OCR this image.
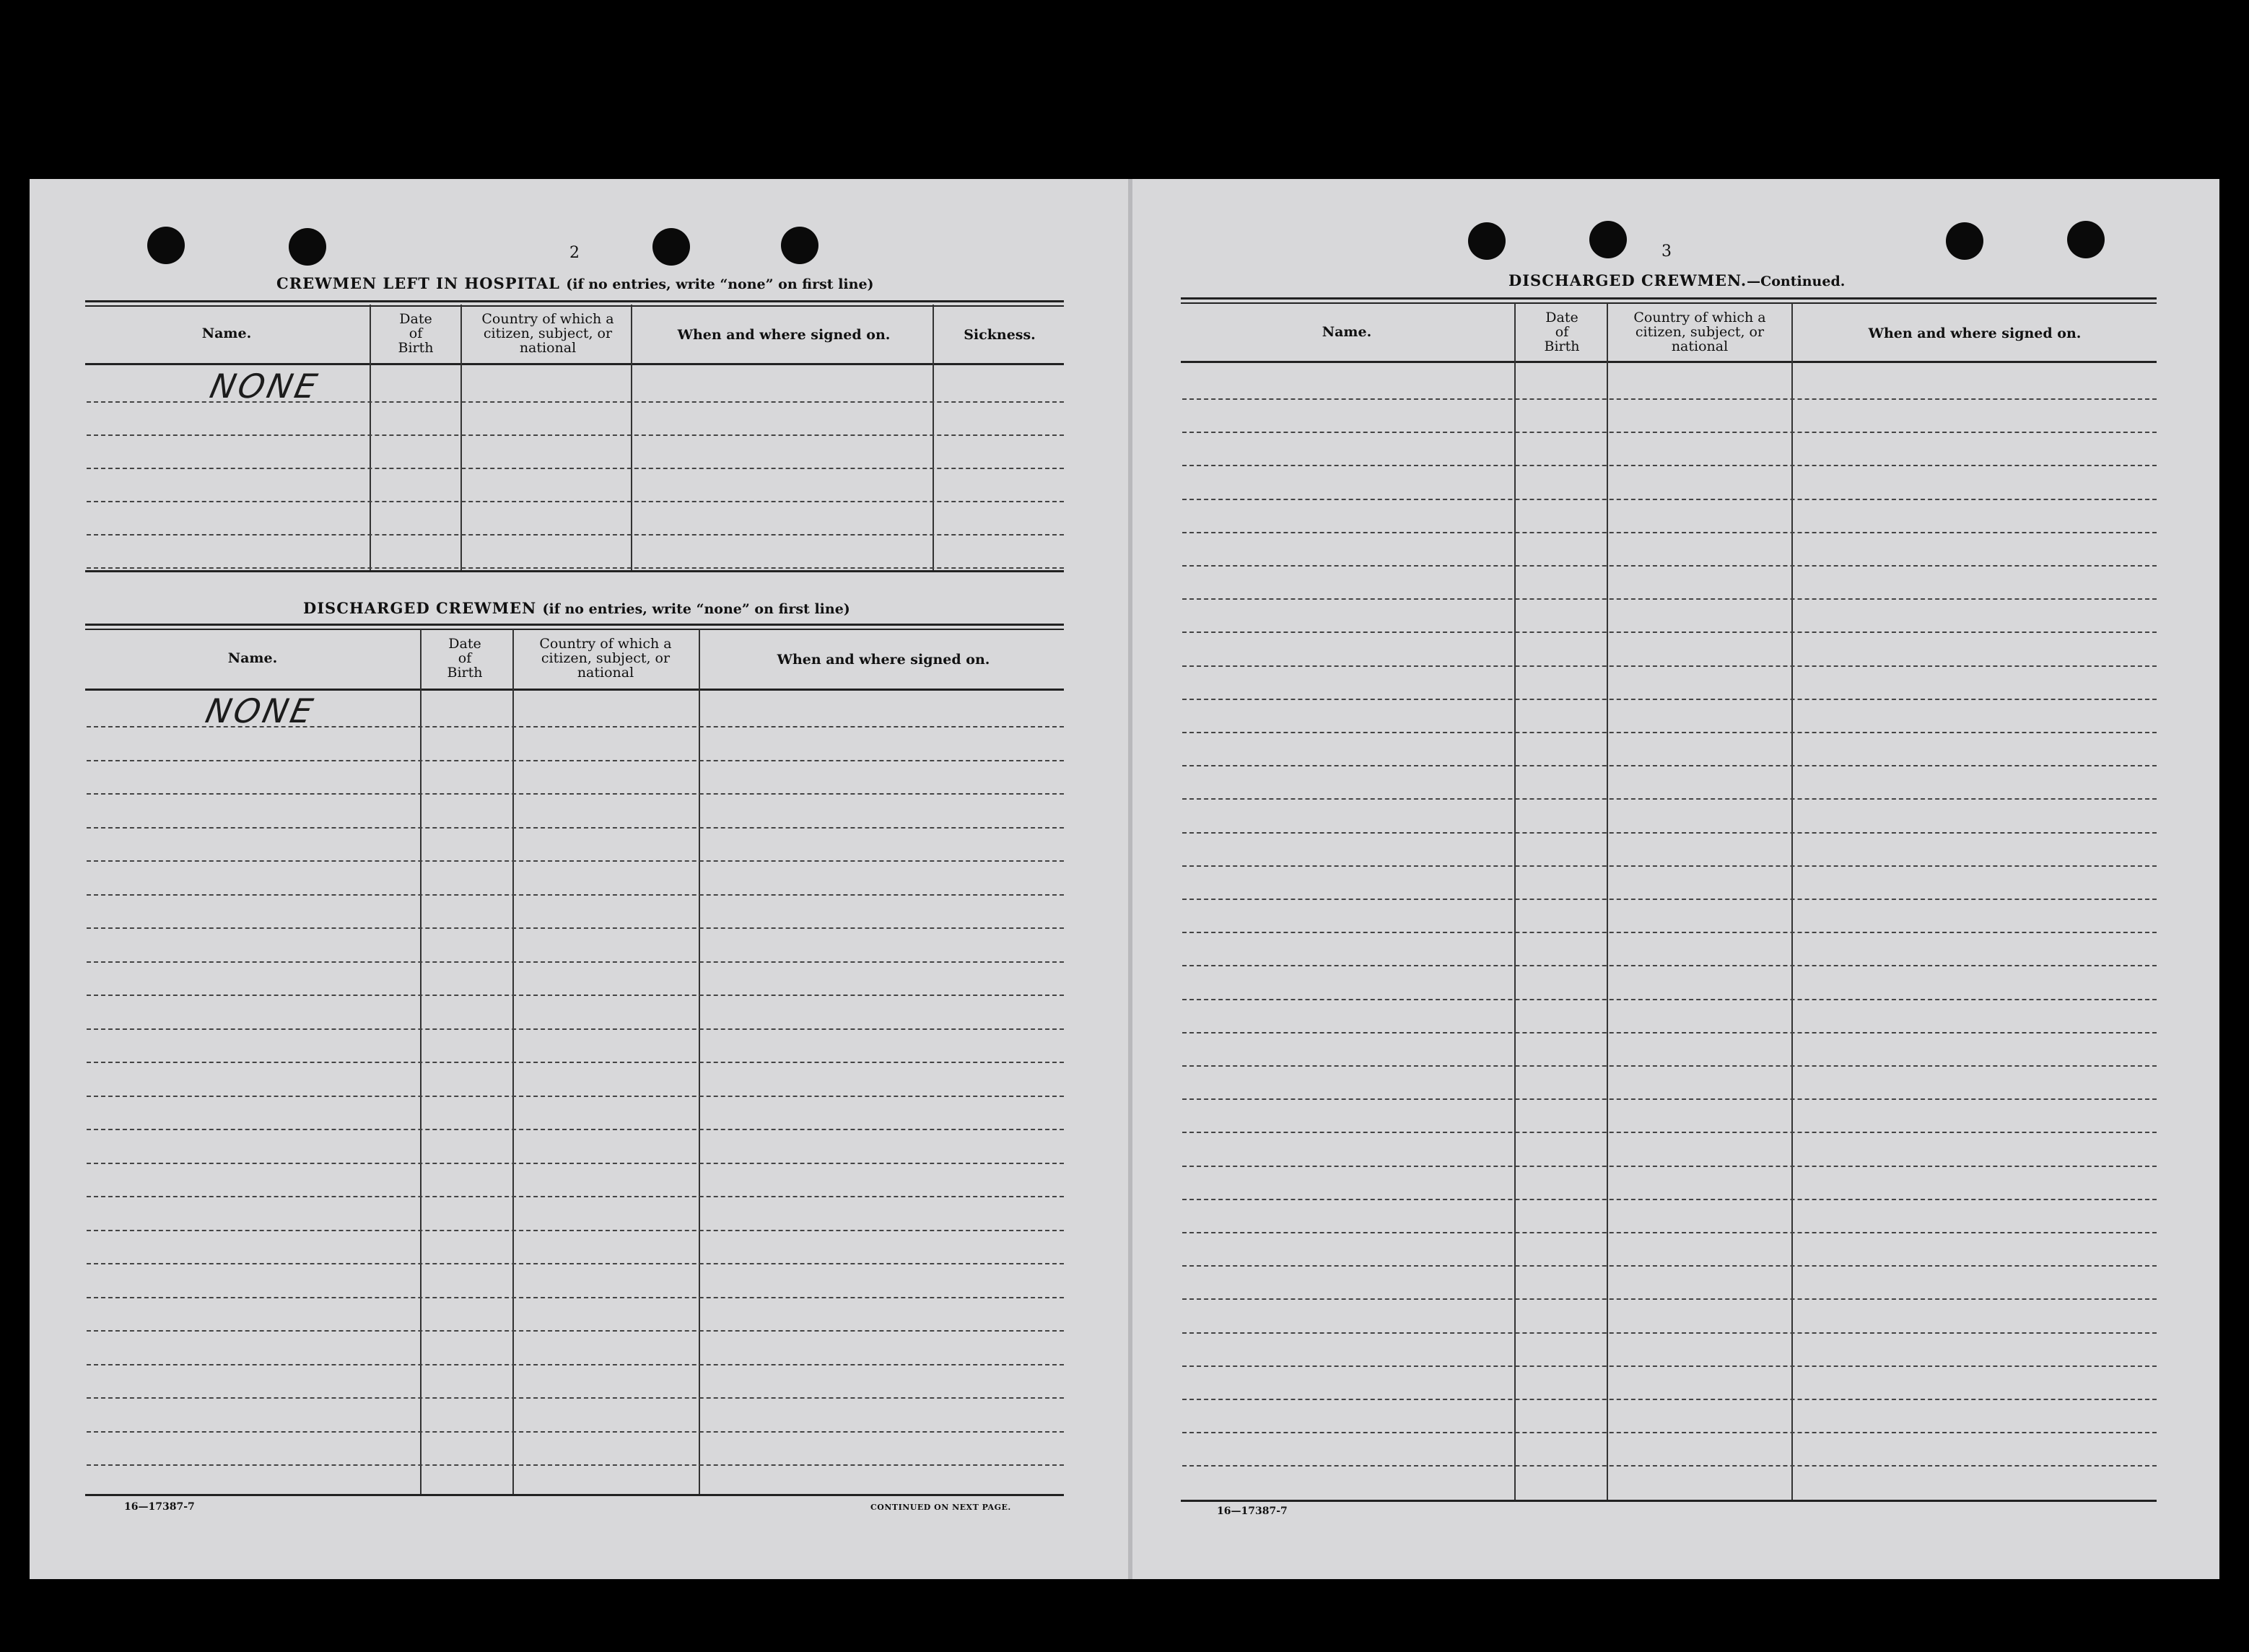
2
CREWMEN LEFT IN HOSPITAL (if no entries, write “none” on first line)
Name.
Date of Birth
Country of which a citizen, subject, or national
When and where signed on.	Sickness.
NONE
DISCHARGED CREWMEN (if no entries, write “none” on first line)
Name.
Date of Birth
Country of which a citizen, subject, or national
When and where signed on.
NONE
16—17387-7	CONTINUED ON NEXT PAGE.
3
DISCHARGED CREWMEN.—Continued.
Name.
Date of Birth
Country of which a citizen, subject, or national
When and where signed on.
16—17387-7
